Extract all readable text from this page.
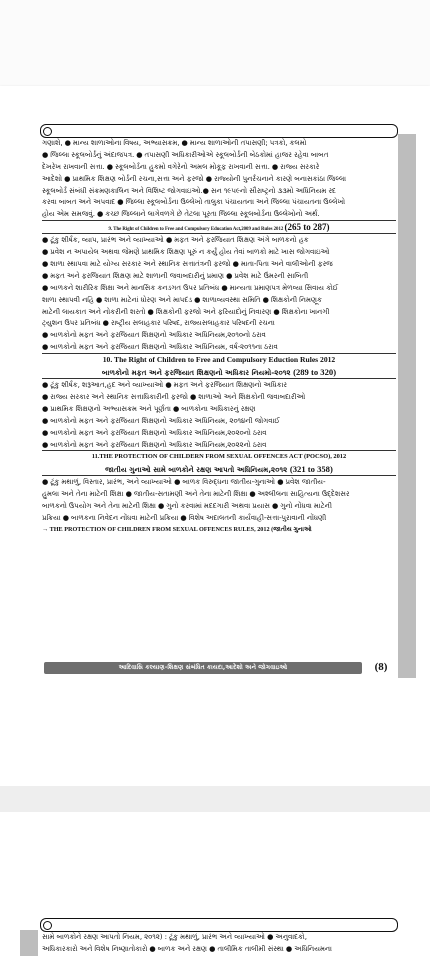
ગણાશે, ● માન્ય શાળાઓના વિષય, અભ્યાસક્રમ, ● માન્ય શાળાઓની તપાસણી; પત્રકો, કલમો
● જિલ્લા સ્કૂલબોર્ડનું અંદાજપત્ર. ● તપાસણી અધિકારીઓએ સ્કૂલબોર્ડની બેઠકોમાં હાજર રહેવા બાબત
દેખરેખ રાખવાની સત્તા. ● સ્કૂલબોર્ડના હુકમો વગેરેનો અમલ મોકૂફ રાખવાની સત્તા. ● રાજ્ય સરકારે
આદેશો ● પ્રાથમિક શિક્ષણ બોર્ડની રચના,સત્તા અને ફરજો ● રાજ્યોની પુનર્રચનાને કારણે બનાસકાંઠા જિલ્લા
સ્કૂલબોર્ડ સંબંધી સંક્રમણકાલિન અને વિશિષ્ટ જોગવાઇઓ.● સન ૧૯૫૯નો સૌરાષ્ટ્રનો ૩૩મો અધિનિયમ રદ
કરવા બાબત અને અપવાદ ● જિલ્લા સ્કૂલબોર્ડના ઉલ્લેખો તાલુકા પંચાયતના અને જિલ્લા પંચાયતના ઉલ્લેખો
હોય એમ સમજવું. ● કચ્છ જિલ્લાને લાગેવળગે છે તેટલા પૂરતા જિલ્લા સ્કૂલબોર્ડના ઉલ્લેખોનો અર્થ.
9. The Right of Children to Free and Compulsory Education Act,2009 and Rules 2012 (265 to 287)
● ટૂંકુ શીર્ષક, વ્યાપ, પ્રારંભ અને વ્યાખ્યાઓ ● મફત અને ફરજિયાત શિક્ષણ અંગે બાળકનો હક
● પ્રવેશ ન અપાયેલ અથવા જેમણે પ્રાથમિક શિક્ષણ પૂરું ન કર્યું હોય તેવાં બાળકો માટે ખાસ જોગવાઇઓ
● શાળા સ્થાપવા માટે યોગ્ય સરકાર અને સ્થાનિક સત્તાતંત્રની ફરજો ● માતા-પિતા અને વાલીઓની ફરજ
● મફત અને ફરજિયાત શિક્ષણ માટે શાળાની જવાબદારીનું પ્રમાણ ● પ્રવેશ માટે ઉંમરની સાબિતી
● બાળકને શારીરિક શિક્ષા અને માનસિક કનડગત ઉપર પ્રતિબંધ ● માન્યતા પ્રમાણપત્ર મેળવ્યા સિવાય કોઈ
શાળા સ્થાપવી નહિ ● શાળા માટેનાં ધોરણ અને માપદંડ ● શાળાવ્યવસ્થા સમિતિ ● શિક્ષકોની નિમણૂક
માટેની લાયકાત અને નોકરીની શરતો ● શિક્ષકોની ફરજો અને ફરિયાદોનું નિવારણ ● શિક્ષકોના ખાનગી
ટ્યુશન ઉપર પ્રતિબંધ ● રાષ્ટ્રીય સલાહકાર પરિષદ, રાજ્યસલાહકાર પરિષદની રચના
● બાળકોનો મફત અને ફરજિયાત શિક્ષણનો અધિકાર અધિનિયમ,૨૦૧૦નો ઠરાવ
● બાળકોનો મફત અને ફરજિયાત શિક્ષણનો અધિકાર અધિનિયમ, વર્ષ-૨૦૧૧ના ઠરાવ
10. The Right of Children to Free and Compulsory Eduction Rules 2012
બાળકોનો મફત અને ફરજિયાત શિક્ષણનો અધિકાર નિયમો-૨૦૧૨ (289 to 320)
● ટૂંકુ શીર્ષક, શરૂઆત,હદ અને વ્યાખ્યાઓ ● મફત અને ફરજિયાત શિક્ષણનો અધિકાર
● રાજ્ય સરકાર અને સ્થાનિક સત્તાધિકારીની ફરજો ● શાળાઓ અને શિક્ષકોની જવાબદારીઓ
● પ્રાથમિક શિક્ષણનો અભ્યાસક્રમ અને પૂર્ણતા ● બાળકોના અધિકારનું રક્ષણ
● બાળકોનો મફત અને ફરજિયાત શિક્ષણનો અધિકાર અધિનિયમ, ૨૦૧૪ની જોગવાઈ
● બાળકોનો મફત અને ફરજિયાત શિક્ષણનો અધિકાર અધિનિયમ,૨૦૨૦નો ઠરાવ
● બાળકોનો મફત અને ફરજિયાત શિક્ષણનો અધિકાર અધિનિયમ,૨૦૨૨નો ઠરાવ
11.THE PROTECTION OF CHILDERN FROM SEXUAL OFFENCES ACT (POCSO), 2012
જાતીય ગુનાઓ સામે બાળકોને રક્ષણ આપતો અધિનિયમ,૨૦૧૨ (321 to 358)
● ટૂંકુ મથાળું, વિસ્તાર, પ્રારંભ, અને વ્યાખ્યાઓ ● બાળક વિરુદ્ધના જાતીય-ગુનાઓ ● પ્રવેશ જાતીય-
હુમલા અને તેના માટેની શિક્ષા ● જાતીય-સતામણી અને તેના માટેની શિક્ષા ● અશ્લીલના સાહિત્યના ઉદ્દેશસર
બાળકનો ઉપયોગ અને તેના માટેની શિક્ષા ● ગુનો કરવામાં મદદગારી અથવા પ્રયાસ ● ગુનો નોંધવા માટેની
પ્રક્રિયા ● બાળકના નિવેદન નોંધવા માટેની પ્રક્રિયા ● વિશેષ અદાલતની કાર્યવાહી-સત્તા-પુરાવાની નોંધણી
→ THE PROTECTION OF CHILDREN FROM SEXUAL OFFENCES RULES, 2012 (જાતીય ગુનાઓ
આદિવાસિ કલ્યાણ-શિક્ષણ સંબંધિત કાયદા,આદેશો અને જોગવાઇઓ	(8)
સામે બાળકોને રક્ષણ આપતો નિયમ, ૨૦૧૨) : ટૂંકુ મથાળું, પ્રારંભ અને વ્યાખ્યાઓ ● અનુવાદકો,
અધિકારકારો અને વિશેષ નિષ્ણાતોકારો ● બાળક અને રક્ષણ ● તાલીમિક તાલીમી સંસ્થા ● અધિનિયમના
